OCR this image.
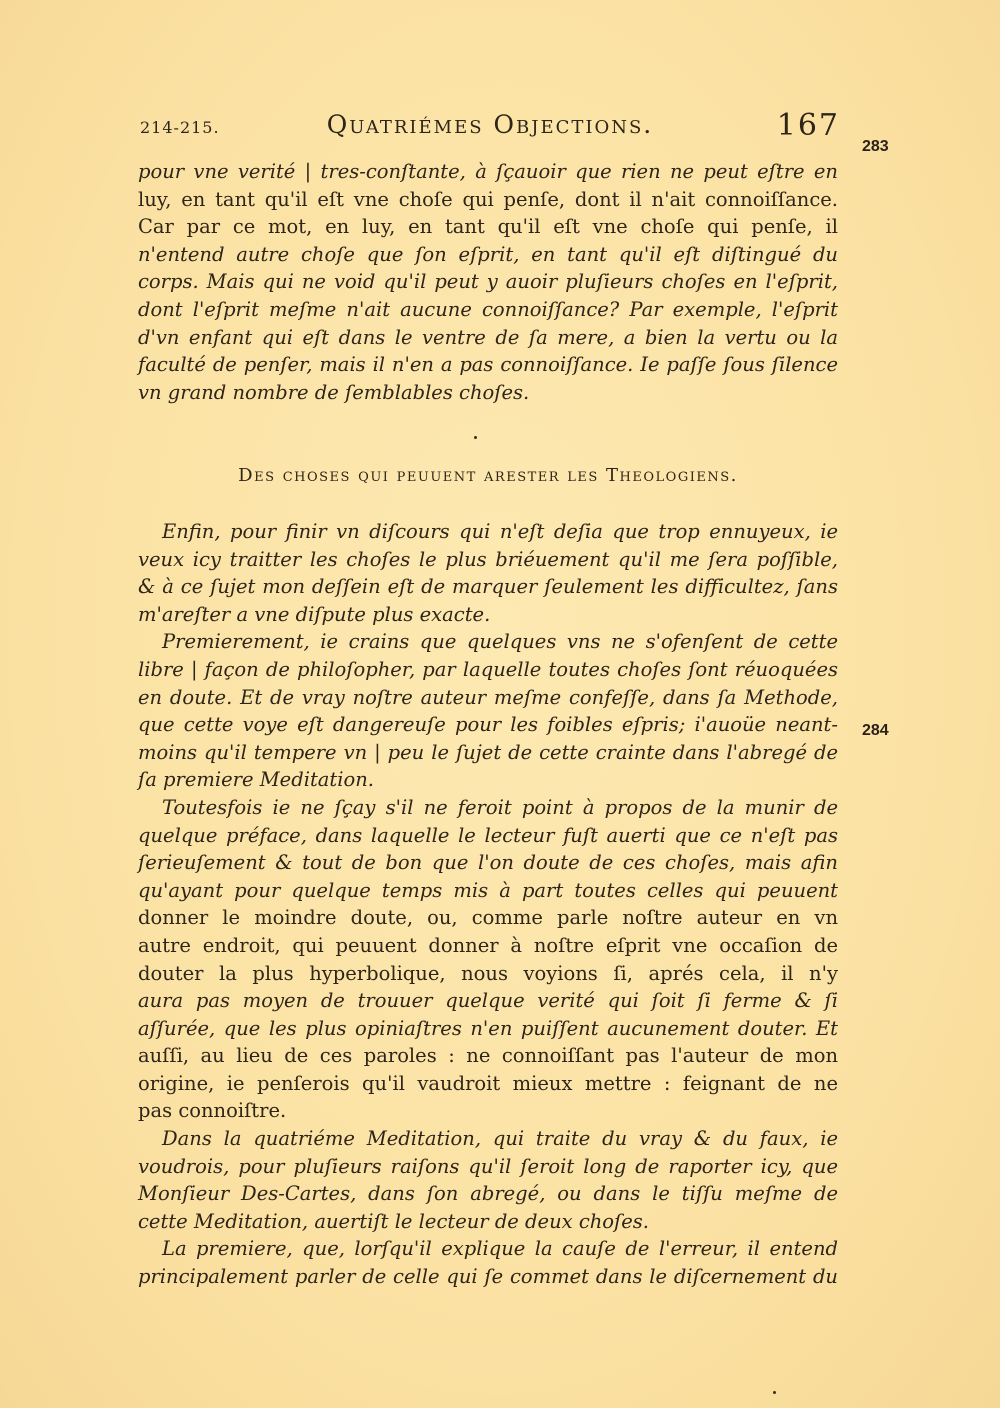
214-215.	Quatriémes Objections.	167
283
284
pour vne verité | tres-conſtante, à ſçauoir que rien ne peut eſtre en
luy, en tant qu'il eſt vne choſe qui penſe, dont il n'ait connoiſſance.
Car par ce mot, en luy, en tant qu'il eſt vne choſe qui penſe, il
n'entend autre choſe que ſon eſprit, en tant qu'il eſt diſtingué du
corps. Mais qui ne void qu'il peut y auoir pluſieurs choſes en l'eſprit,
dont l'eſprit meſme n'ait aucune connoiſſance? Par exemple, l'eſprit
d'vn enfant qui eſt dans le ventre de ſa mere, a bien la vertu ou la
faculté de penſer, mais il n'en a pas connoiſſance. Ie paſſe ſous ſilence
vn grand nombre de ſemblables choſes.
Des choses qui peuuent arester les Theologiens.
Enfin, pour finir vn diſcours qui n'eſt deſia que trop ennuyeux, ie
veux icy traitter les choſes le plus briéuement qu'il me ſera poſſible,
& à ce ſujet mon deſſein eſt de marquer ſeulement les difficultez, ſans
m'areſter a vne diſpute plus exacte.
Premierement, ie crains que quelques vns ne s'ofenſent de cette
libre | façon de philoſopher, par laquelle toutes choſes ſont réuoquées
en doute. Et de vray noſtre auteur meſme confeſſe, dans ſa Methode,
que cette voye eſt dangereuſe pour les foibles eſpris; i'auoüe neant-
moins qu'il tempere vn | peu le ſujet de cette crainte dans l'abregé de
ſa premiere Meditation.
Toutesfois ie ne ſçay s'il ne feroit point à propos de la munir de
quelque préface, dans laquelle le lecteur fuſt auerti que ce n'eſt pas
ſerieuſement & tout de bon que l'on doute de ces choſes, mais afin
qu'ayant pour quelque temps mis à part toutes celles qui peuuent
donner le moindre doute, ou, comme parle noſtre auteur en vn
autre endroit, qui peuuent donner à noſtre eſprit vne occaſion de
douter la plus hyperbolique, nous voyions ſi, aprés cela, il n'y
aura pas moyen de trouuer quelque verité qui ſoit ſi ferme & ſi
aſſurée, que les plus opiniaſtres n'en puiſſent aucunement douter. Et
auſſi, au lieu de ces paroles : ne connoiſſant pas l'auteur de mon
origine, ie penſerois qu'il vaudroit mieux mettre : feignant de ne
pas connoiſtre.
Dans la quatriéme Meditation, qui traite du vray & du faux, ie
voudrois, pour pluſieurs raiſons qu'il ſeroit long de raporter icy, que
Monſieur Des-Cartes, dans ſon abregé, ou dans le tiſſu meſme de
cette Meditation, auertiſt le lecteur de deux choſes.
La premiere, que, lorſqu'il explique la cauſe de l'erreur, il entend
principalement parler de celle qui ſe commet dans le diſcernement du
